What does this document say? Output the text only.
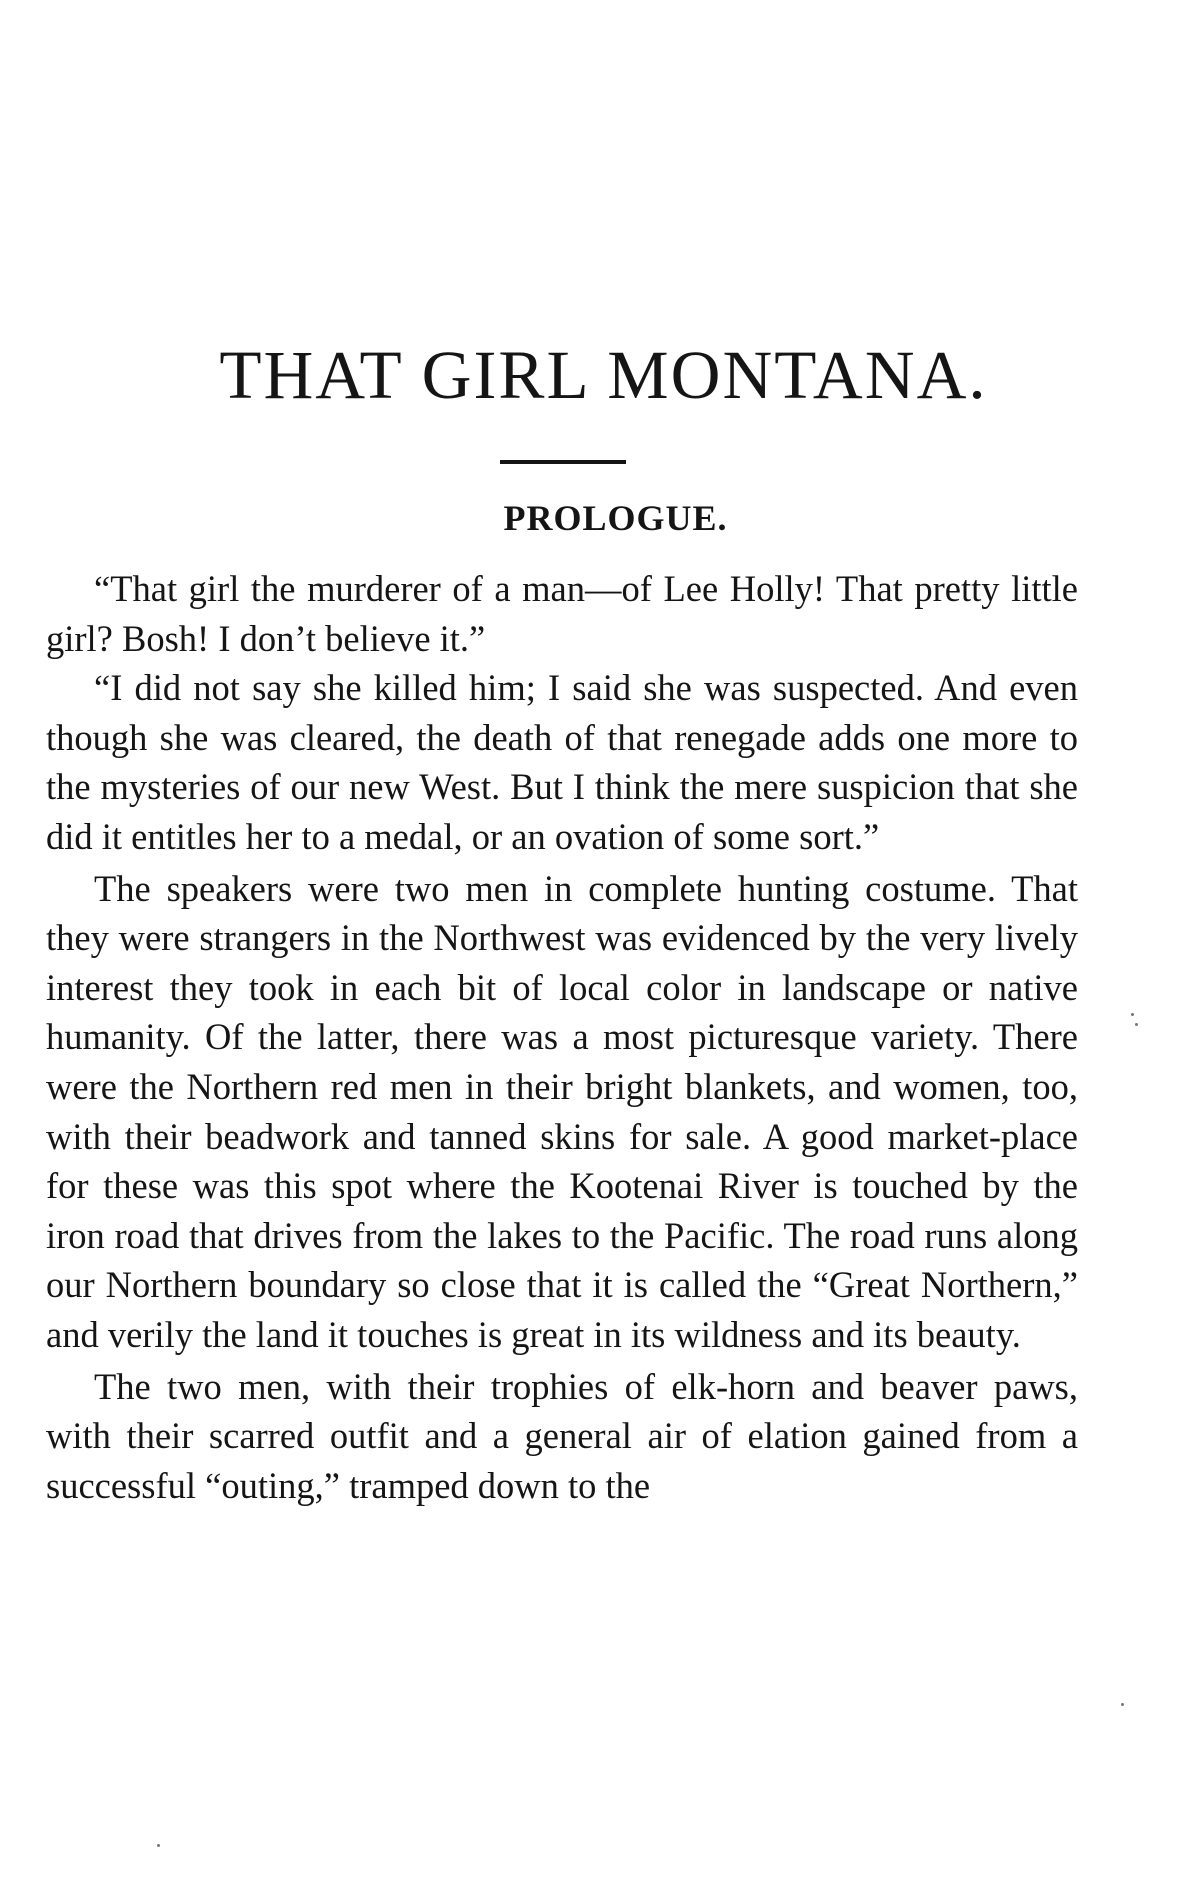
THAT GIRL MONTANA.
PROLOGUE.

“That girl the murderer of a man—of Lee Holly! That pretty little girl? Bosh! I don’t believe it.”

“I did not say she killed him; I said she was suspected. And even though she was cleared, the death of that renegade adds one more to the mysteries of our new West. But I think the mere suspicion that she did it entitles her to a medal, or an ovation of some sort.”

The speakers were two men in complete hunting costume. That they were strangers in the Northwest was evidenced by the very lively interest they took in each bit of local color in landscape or native humanity. Of the latter, there was a most picturesque variety. There were the Northern red men in their bright blankets, and women, too, with their beadwork and tanned skins for sale. A good market-place for these was this spot where the Kootenai River is touched by the iron road that drives from the lakes to the Pacific. The road runs along our Northern boundary so close that it is called the “Great Northern,” and verily the land it touches is great in its wildness and its beauty.

The two men, with their trophies of elk-horn and beaver paws, with their scarred outfit and a general air of elation gained from a successful “outing,” tramped down to the
